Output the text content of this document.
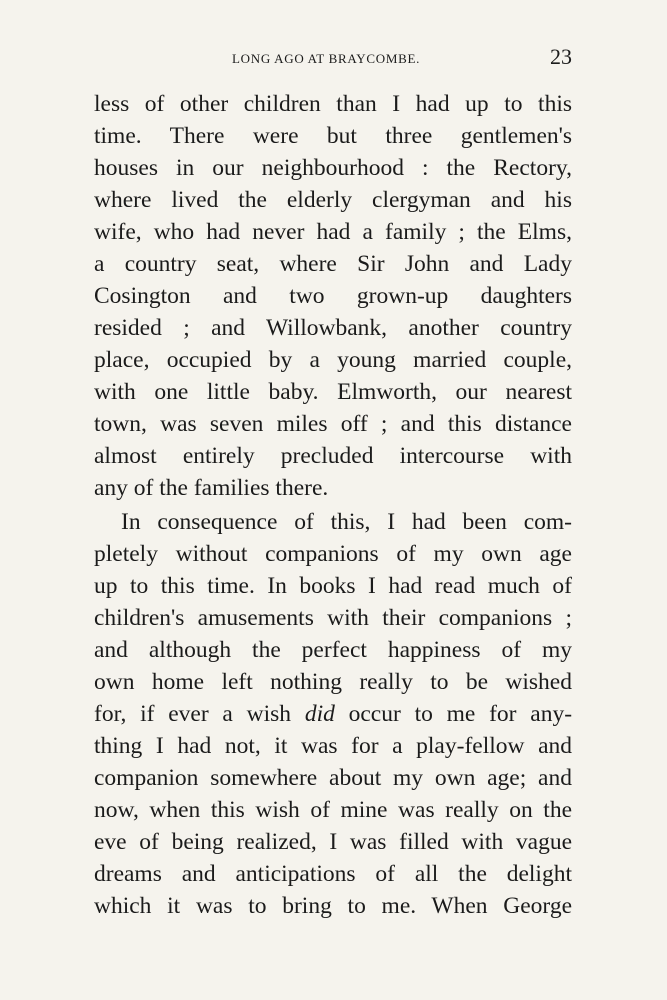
LONG AGO AT BRAYCOMBE.	23
less of other children than I had up to this
time. There were but three gentlemen's
houses in our neighbourhood : the Rectory,
where lived the elderly clergyman and his
wife, who had never had a family ; the Elms,
a country seat, where Sir John and Lady
Cosington and two grown-up daughters
resided ; and Willowbank, another country
place, occupied by a young married couple,
with one little baby. Elmworth, our nearest
town, was seven miles off ; and this distance
almost entirely precluded intercourse with
any of the families there.
In consequence of this, I had been com-
pletely without companions of my own age
up to this time. In books I had read much of
children's amusements with their companions ;
and although the perfect happiness of my
own home left nothing really to be wished
for, if ever a wish did occur to me for any-
thing I had not, it was for a play-fellow and
companion somewhere about my own age; and
now, when this wish of mine was really on the
eve of being realized, I was filled with vague
dreams and anticipations of all the delight
which it was to bring to me. When George
